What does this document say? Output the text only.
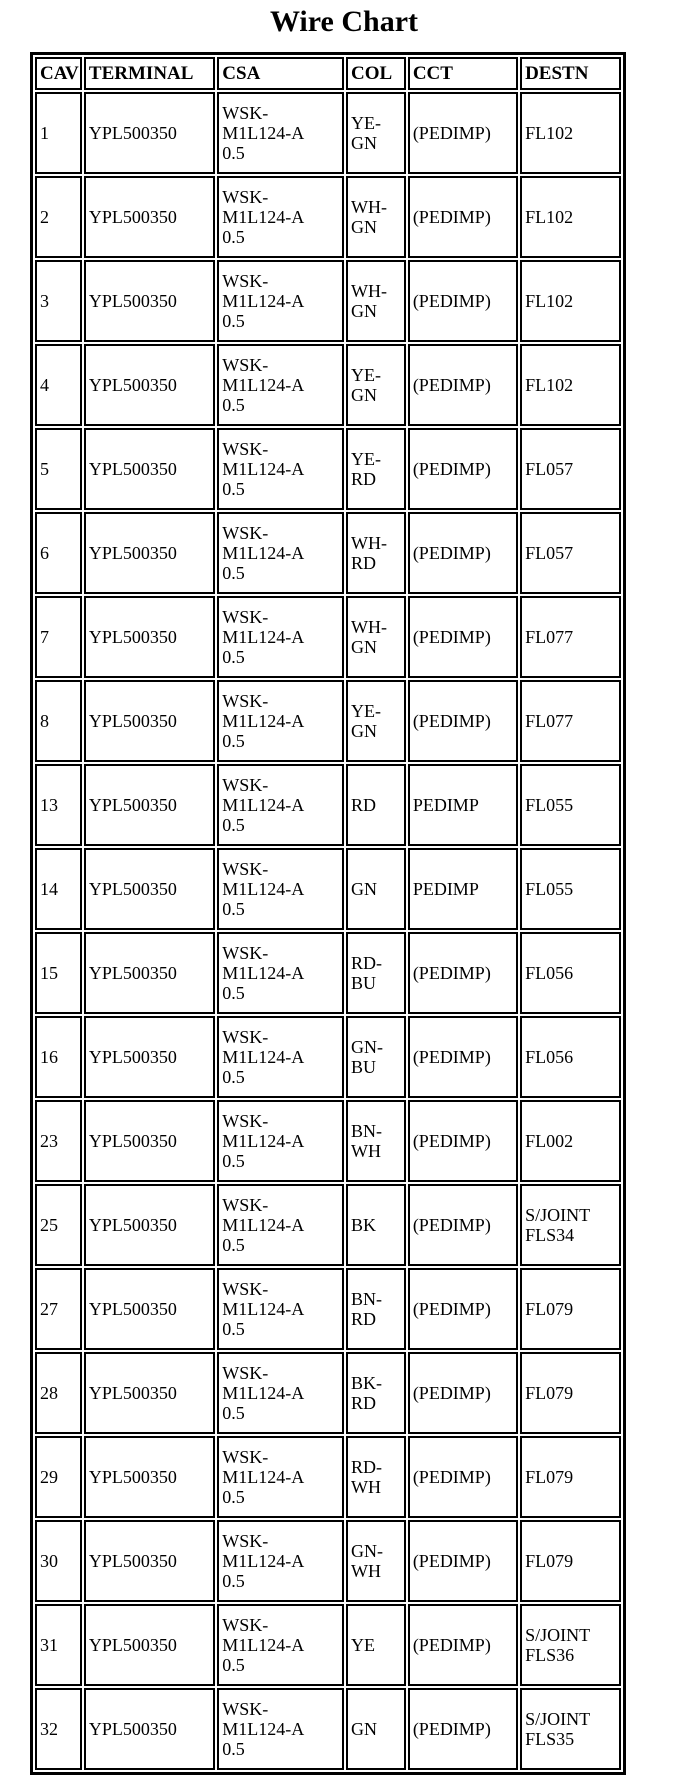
Wire Chart
CAV	TERMINAL	CSA	COL	CCT	DESTN
1	YPL500350	WSK-
M1L124-A
0.5	YE-
GN	(PEDIMP)	FL102

2	YPL500350	WSK-
M1L124-A
0.5	WH-
GN	(PEDIMP)	FL102

3	YPL500350	WSK-
M1L124-A
0.5	WH-
GN	(PEDIMP)	FL102

4	YPL500350	WSK-
M1L124-A
0.5	YE-
GN	(PEDIMP)	FL102

5	YPL500350	WSK-
M1L124-A
0.5	YE-
RD	(PEDIMP)	FL057

6	YPL500350	WSK-
M1L124-A
0.5	WH-
RD	(PEDIMP)	FL057

7	YPL500350	WSK-
M1L124-A
0.5	WH-
GN	(PEDIMP)	FL077

8	YPL500350	WSK-
M1L124-A
0.5	YE-
GN	(PEDIMP)	FL077

13	YPL500350	WSK-
M1L124-A
0.5	RD	PEDIMP	FL055

14	YPL500350	WSK-
M1L124-A
0.5	GN	PEDIMP	FL055

15	YPL500350	WSK-
M1L124-A
0.5	RD-
BU	(PEDIMP)	FL056

16	YPL500350	WSK-
M1L124-A
0.5	GN-
BU	(PEDIMP)	FL056

23	YPL500350	WSK-
M1L124-A
0.5	BN-
WH	(PEDIMP)	FL002

25	YPL500350	WSK-
M1L124-A
0.5	BK	(PEDIMP)	S/JOINT
FLS34

27	YPL500350	WSK-
M1L124-A
0.5	BN-
RD	(PEDIMP)	FL079

28	YPL500350	WSK-
M1L124-A
0.5	BK-
RD	(PEDIMP)	FL079

29	YPL500350	WSK-
M1L124-A
0.5	RD-
WH	(PEDIMP)	FL079

30	YPL500350	WSK-
M1L124-A
0.5	GN-
WH	(PEDIMP)	FL079

31	YPL500350	WSK-
M1L124-A
0.5	YE	(PEDIMP)	S/JOINT
FLS36

32	YPL500350	WSK-
M1L124-A
0.5	GN	(PEDIMP)	S/JOINT
FLS35
